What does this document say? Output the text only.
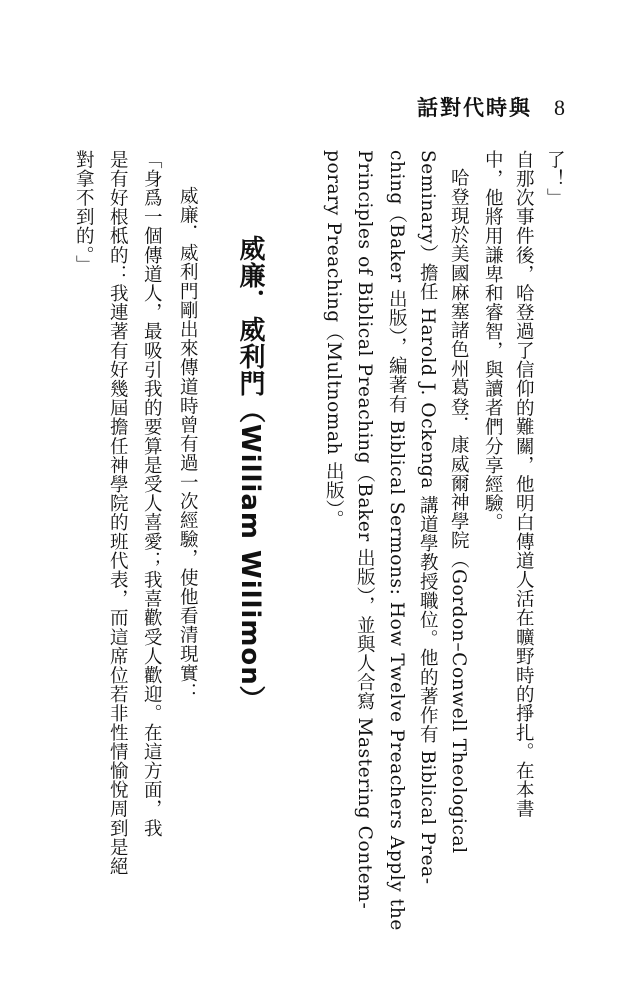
話對代時與 8
了！」
自那次事件後，哈登過了信仰的難關，他明白傳道人活在曠野時的掙扎。在本書
中，他將用謙卑和睿智，與讀者們分享經驗。
哈登現於美國麻塞諸色州葛登．康威爾神學院（Gordon–Conwell Theological
Seminary）擔任 Harold J. Ockenga 講道學教授職位。他的著作有 Biblical Prea-
ching（Baker 出版），編著有 Biblical Sermons: How Twelve Preachers Apply the
Principles of Biblical Preaching（Baker 出版），並與人合寫 Mastering Contem-
porary Preaching（Multnomah 出版）。
威廉．威利門（William Willimon）
威廉．威利門剛出來傳道時曾有過一次經驗，使他看清現實：
「身爲一個傳道人，最吸引我的要算是受人喜愛；我喜歡受人歡迎。在這方面，我
是有好根柢的：我連著有好幾屆擔任神學院的班代表，而這席位若非性情愉悅周到是絕
對拿不到的。」
